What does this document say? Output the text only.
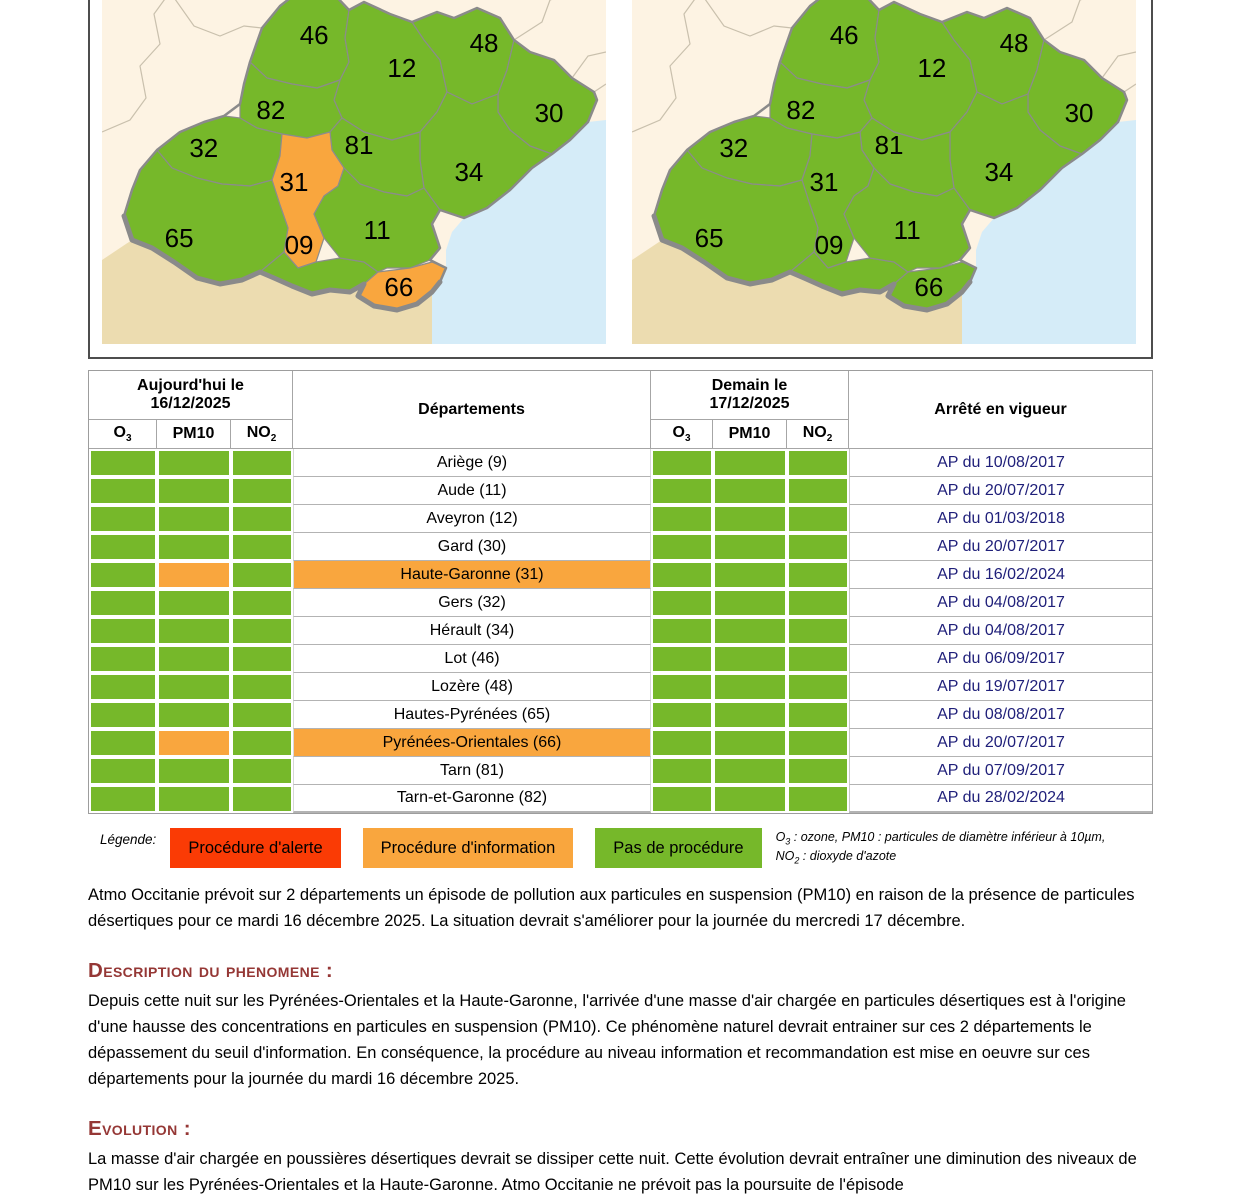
46
12
48
82	30
32	81
34
31
65	09
11
66
46
12
48
82	30
32	81
34
31
65	09
11
66
Aujourd'hui le
16/12/2025	Départements	
Demain le
17/12/2025	Arrêté en vigueur
$O_3$	PM10	$NO_2$		$O_3$	PM10	$NO_2$
			Ariège (9)				AP du 10/08/2017
			Aude (11)				AP du 20/07/2017
			Aveyron (12)				AP du 01/03/2018
			Gard (30)				AP du 20/07/2017
			Haute-Garonne (31)				AP du 16/02/2024
			Gers (32)				AP du 04/08/2017
			Hérault (34)				AP du 04/08/2017
			Lot (46)				AP du 06/09/2017
			Lozère (48)				AP du 19/07/2017
			Hautes-Pyrénées (65)				AP du 08/08/2017
			Pyrénées-Orientales (66)				AP du 20/07/2017
			Tarn (81)				AP du 07/09/2017
			Tarn-et-Garonne (82)				AP du 28/02/2024
Légende:	Procédure d'alerte	Procédure d'information	Pas de procédure
$O_3$ : ozone, PM10 : particules de diamètre inférieur à 10µm, $NO_2$ : dioxyde d'azote

Atmo Occitanie prévoit sur 2 départements un épisode de pollution aux particules en suspension (PM10) en raison de la présence de particules désertiques pour ce mardi 16 décembre 2025. La situation devrait s'améliorer pour la journée du mercredi 17 décembre.

Description du phenomene :

Depuis cette nuit sur les Pyrénées-Orientales et la Haute-Garonne, l'arrivée d'une masse d'air chargée en particules désertiques est à l'origine d'une hausse des concentrations en particules en suspension (PM10). Ce phénomène naturel devrait entrainer sur ces 2 départements le dépassement du seuil d'information. En conséquence, la procédure au niveau information et recommandation est mise en oeuvre sur ces départements pour la journée du mardi 16 décembre 2025.

Evolution :

La masse d'air chargée en poussières désertiques devrait se dissiper cette nuit. Cette évolution devrait entraîner une diminution des niveaux de PM10 sur les Pyrénées-Orientales et la Haute-Garonne. Atmo Occitanie ne prévoit pas la poursuite de l'épisode
